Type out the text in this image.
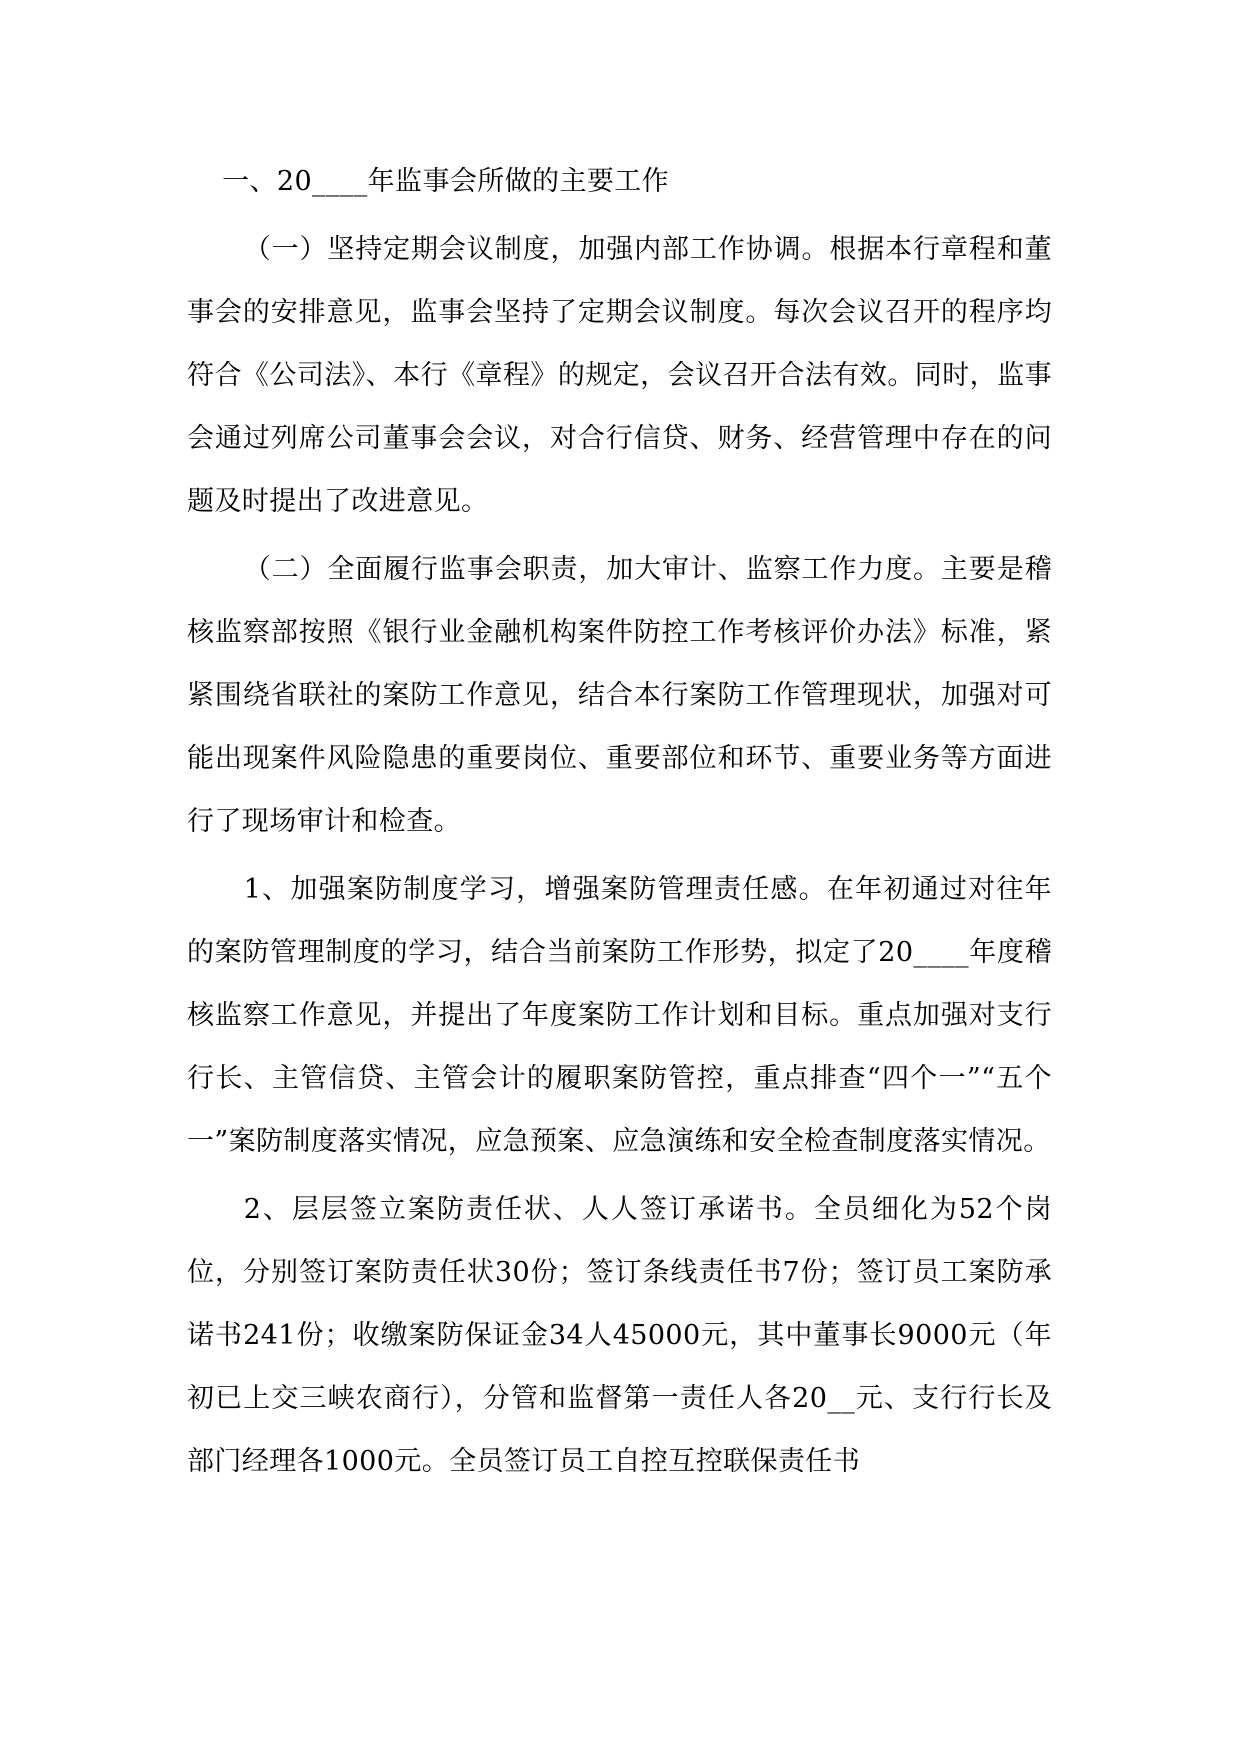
一、20____年监事会所做的主要工作

（一）坚持定期会议制度，加强内部工作协调。根据本行章程和董事会的安排意见，监事会坚持了定期会议制度。每次会议召开的程序均符合《公司法》、本行《章程》的规定，会议召开合法有效。同时，监事会通过列席公司董事会会议，对合行信贷、财务、经营管理中存在的问题及时提出了改进意见。

（二）全面履行监事会职责，加大审计、监察工作力度。主要是稽核监察部按照《银行业金融机构案件防控工作考核评价办法》标准，紧紧围绕省联社的案防工作意见，结合本行案防工作管理现状，加强对可能出现案件风险隐患的重要岗位、重要部位和环节、重要业务等方面进行了现场审计和检查。

1、加强案防制度学习，增强案防管理责任感。在年初通过对往年的案防管理制度的学习，结合当前案防工作形势，拟定了20____年度稽核监察工作意见，并提出了年度案防工作计划和目标。重点加强对支行行长、主管信贷、主管会计的履职案防管控，重点排查“四个一”“五个一”案防制度落实情况，应急预案、应急演练和安全检查制度落实情况。

2、层层签立案防责任状、人人签订承诺书。全员细化为52个岗位，分别签订案防责任状30份；签订条线责任书7份；签订员工案防承诺书241份；收缴案防保证金34人45000元，其中董事长9000元（年初已上交三峡农商行），分管和监督第一责任人各20__元、支行行长及部门经理各1000元。全员签订员工自控互控联保责任书
